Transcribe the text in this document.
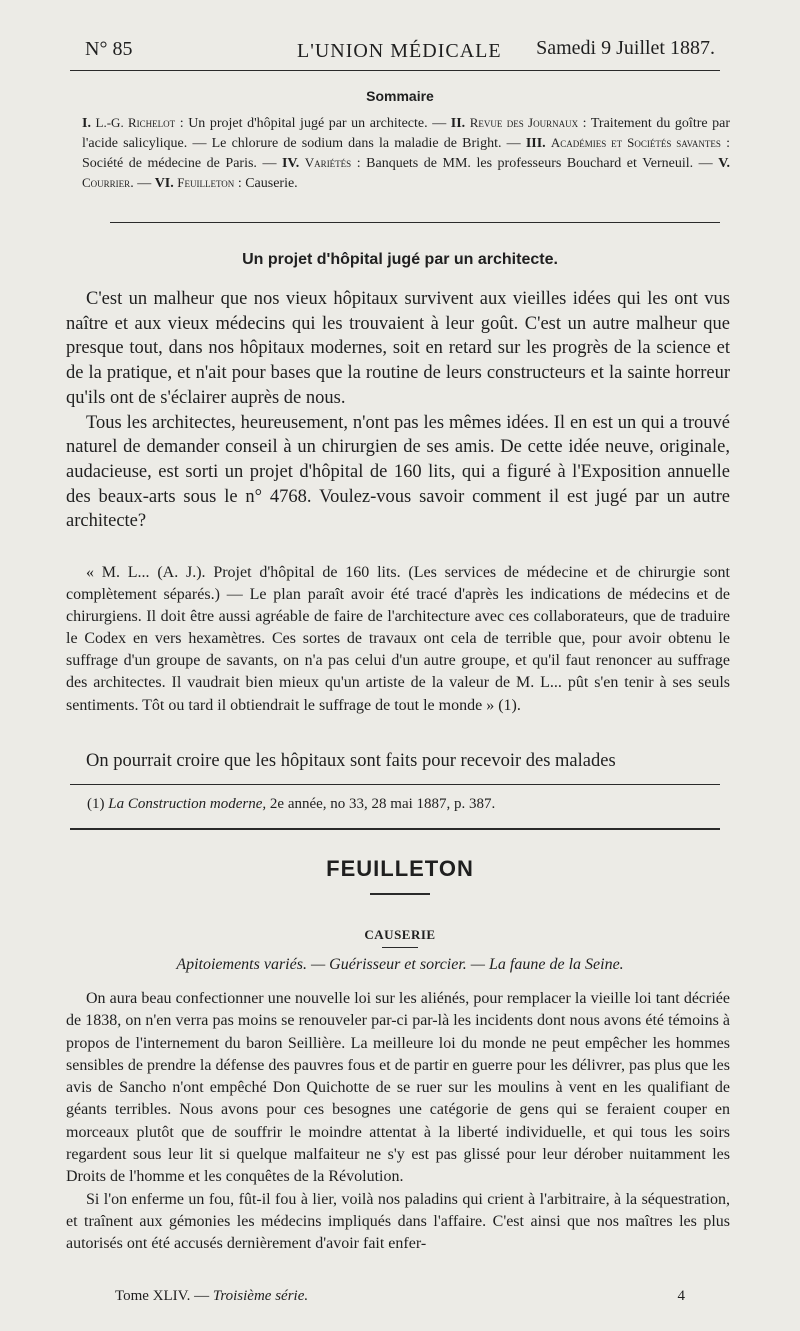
N° 85	L'UNION MÉDICALE Samedi 9 Juillet 1887.
Sommaire
I. L.-G. Richelot : Un projet d'hôpital jugé par un architecte. — II. Revue des Journaux : Traitement du goître par l'acide salicylique. — Le chlorure de sodium dans la maladie de Bright. — III. Académies et Sociétés savantes : Société de médecine de Paris. — IV. Variétés : Banquets de MM. les professeurs Bouchard et Verneuil. — V. Courrier. — VI. Feuilleton : Causerie.
Un projet d'hôpital jugé par un architecte.

C'est un malheur que nos vieux hôpitaux survivent aux vieilles idées qui les ont vus naître et aux vieux médecins qui les trouvaient à leur goût. C'est un autre malheur que presque tout, dans nos hôpitaux modernes, soit en retard sur les progrès de la science et de la pratique, et n'ait pour bases que la routine de leurs constructeurs et la sainte horreur qu'ils ont de s'éclairer auprès de nous.

Tous les architectes, heureusement, n'ont pas les mêmes idées. Il en est un qui a trouvé naturel de demander conseil à un chirurgien de ses amis. De cette idée neuve, originale, audacieuse, est sorti un projet d'hôpital de 160 lits, qui a figuré à l'Exposition annuelle des beaux-arts sous le n° 4768. Voulez-vous savoir comment il est jugé par un autre architecte?

« M. L... (A. J.). Projet d'hôpital de 160 lits. (Les services de médecine et de chirurgie sont complètement séparés.) — Le plan paraît avoir été tracé d'après les indications de médecins et de chirurgiens. Il doit être aussi agréable de faire de l'architecture avec ces collaborateurs, que de traduire le Codex en vers hexamètres. Ces sortes de travaux ont cela de terrible que, pour avoir obtenu le suffrage d'un groupe de savants, on n'a pas celui d'un autre groupe, et qu'il faut renoncer au suffrage des architectes. Il vaudrait bien mieux qu'un artiste de la valeur de M. L... pût s'en tenir à ses seuls sentiments. Tôt ou tard il obtiendrait le suffrage de tout le monde » (1).

On pourrait croire que les hôpitaux sont faits pour recevoir des malades

(1) La Construction moderne, 2e année, no 33, 28 mai 1887, p. 387.
FEUILLETON
CAUSERIE
Apitoiements variés. — Guérisseur et sorcier. — La faune de la Seine.

On aura beau confectionner une nouvelle loi sur les aliénés, pour remplacer la vieille loi tant décriée de 1838, on n'en verra pas moins se renouveler par-ci par-là les incidents dont nous avons été témoins à propos de l'internement du baron Seillière. La meilleure loi du monde ne peut empêcher les hommes sensibles de prendre la défense des pauvres fous et de partir en guerre pour les délivrer, pas plus que les avis de Sancho n'ont empêché Don Quichotte de se ruer sur les moulins à vent en les qualifiant de géants terribles. Nous avons pour ces besognes une catégorie de gens qui se feraient couper en morceaux plutôt que de souffrir le moindre attentat à la liberté individuelle, et qui tous les soirs regardent sous leur lit si quelque malfaiteur ne s'y est pas glissé pour leur dérober nuitamment les Droits de l'homme et les conquêtes de la Révolution.

Si l'on enferme un fou, fût-il fou à lier, voilà nos paladins qui crient à l'arbitraire, à la séquestration, et traînent aux gémonies les médecins impliqués dans l'affaire. C'est ainsi que nos maîtres les plus autorisés ont été accusés dernièrement d'avoir fait enfer-

Tome XLIV. — Troisième série.	4
